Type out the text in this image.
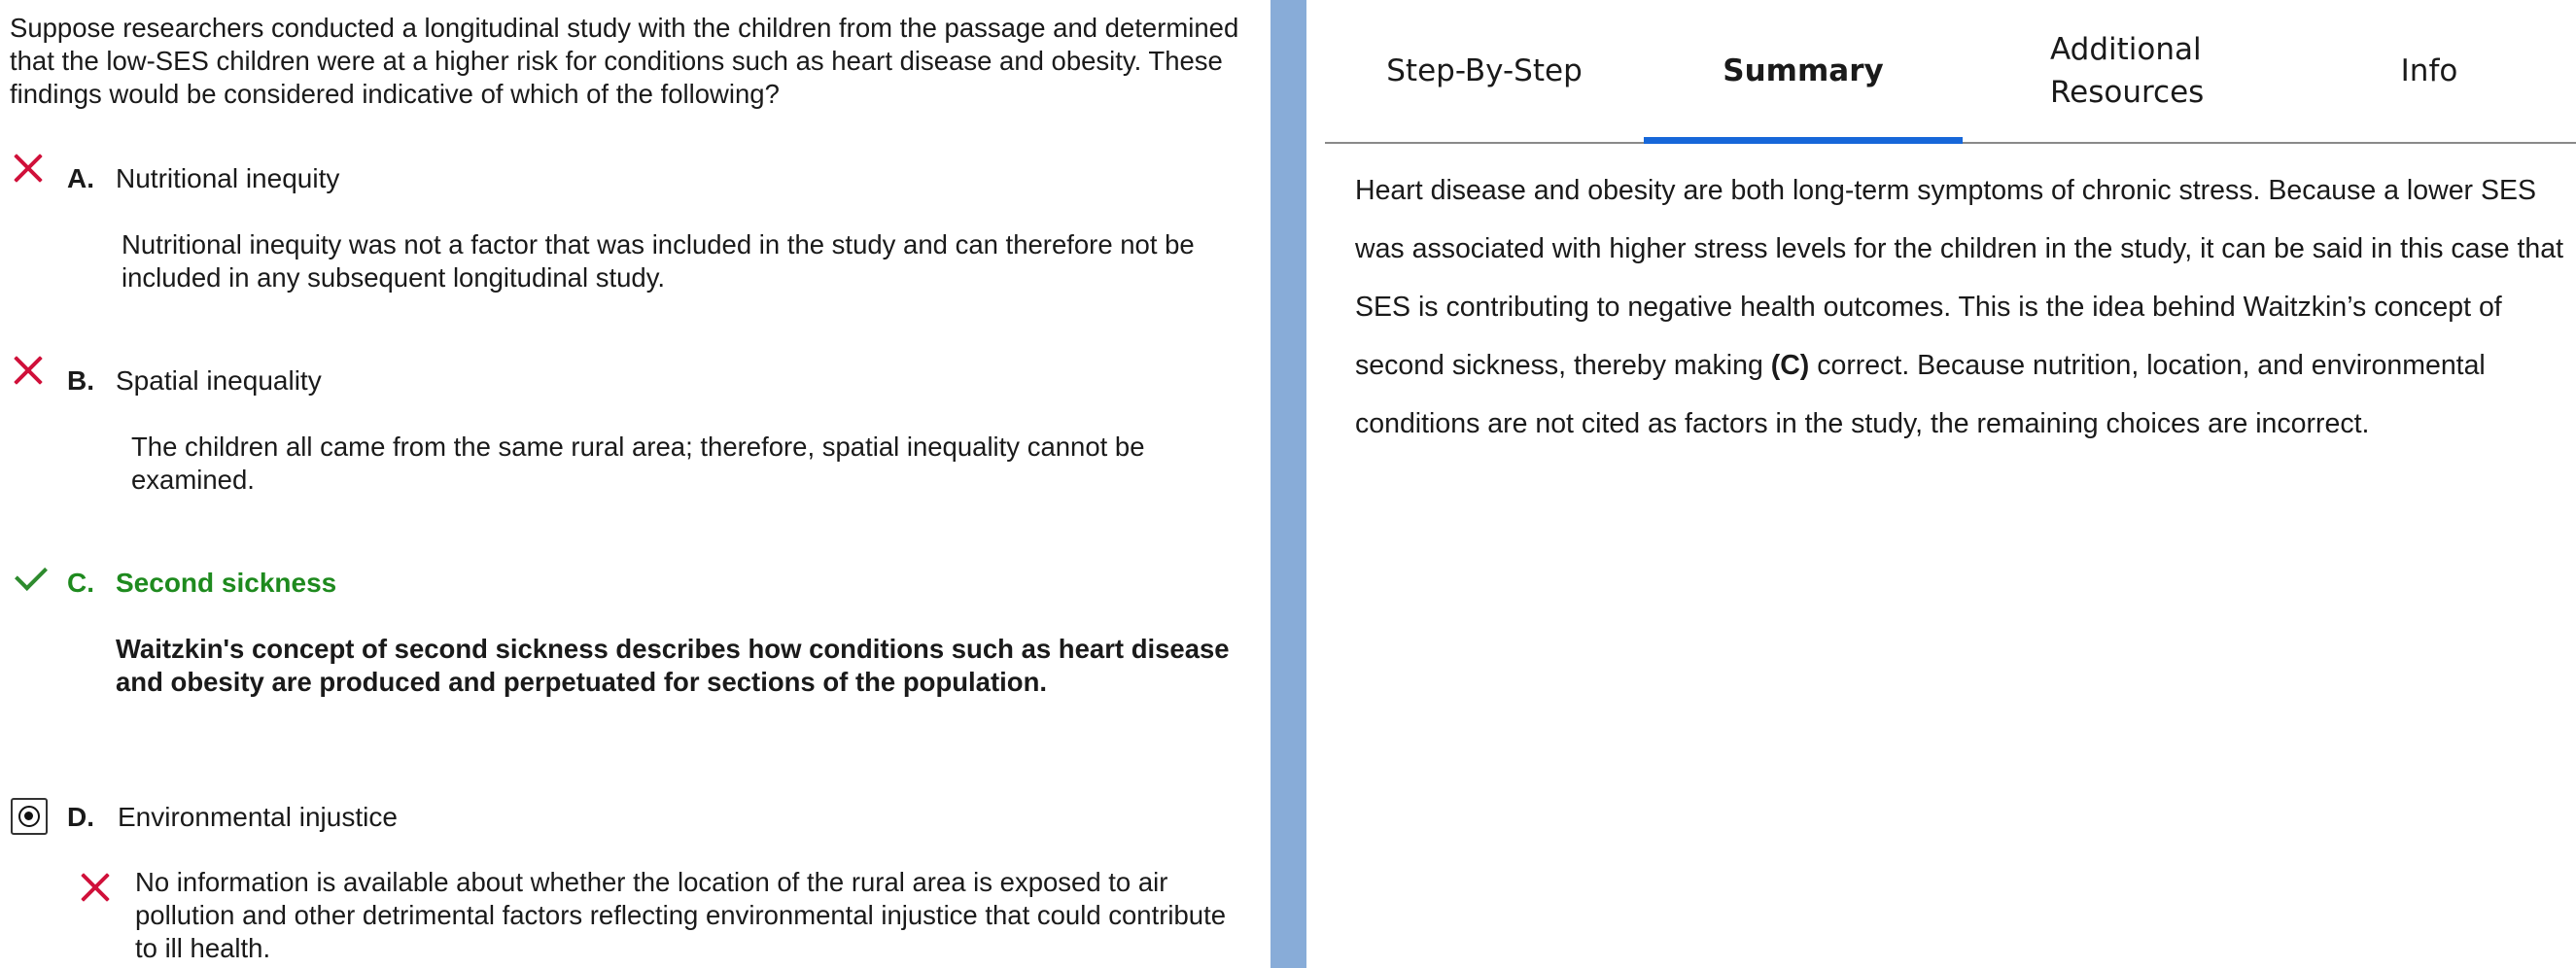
Suppose researchers conducted a longitudinal study with the children from the passage and determined that the low-SES children were at a higher risk for conditions such as heart disease and obesity. These findings would be considered indicative of which of the following?
A. Nutritional inequity
Nutritional inequity was not a factor that was included in the study and can therefore not be included in any subsequent longitudinal study.
B. Spatial inequality
The children all came from the same rural area; therefore, spatial inequality cannot be examined.
C. Second sickness
Waitzkin's concept of second sickness describes how conditions such as heart disease and obesity are produced and perpetuated for sections of the population.
D. Environmental injustice
No information is available about whether the location of the rural area is exposed to air pollution and other detrimental factors reflecting environmental injustice that could contribute to ill health.
Step-By-Step	Summary
Additional Resources
Info
Heart disease and obesity are both long-term symptoms of chronic stress. Because a lower SES was associated with higher stress levels for the children in the study, it can be said in this case that SES is contributing to negative health outcomes. This is the idea behind Waitzkin’s concept of second sickness, thereby making (C) correct. Because nutrition, location, and environmental conditions are not cited as factors in the study, the remaining choices are incorrect.
